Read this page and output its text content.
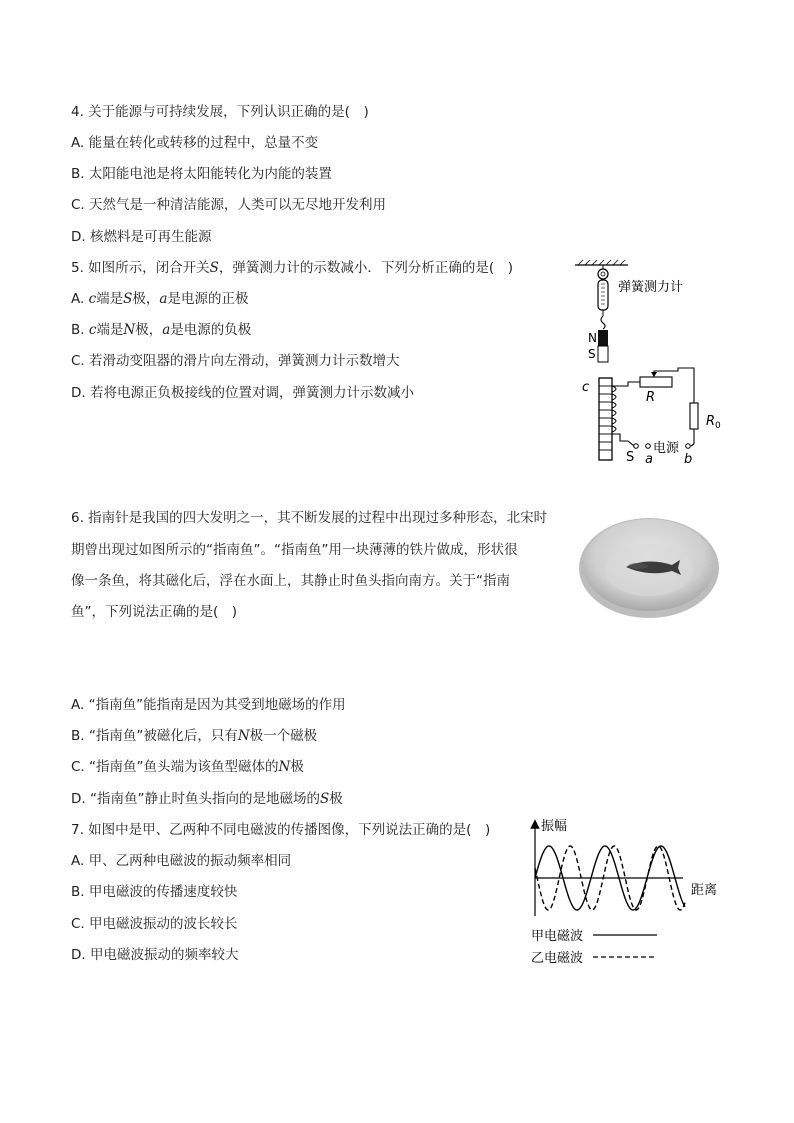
4. 关于能源与可持续发展，下列认识正确的是(　)
A. 能量在转化或转移的过程中，总量不变
B. 太阳能电池是将太阳能转化为内能的装置
C. 天然气是一种清洁能源，人类可以无尽地开发利用
D. 核燃料是可再生能源
5. 如图所示，闭合开关S，弹簧测力计的示数减小．下列分析正确的是(　)
A. c端是S极，a是电源的正极
B. c端是N极，a是电源的负极
C. 若滑动变阻器的滑片向左滑动，弹簧测力计示数增大
D. 若将电源正负极接线的位置对调，弹簧测力计示数减小
弹簧测力计
N
S
c
R
$R_0$
S a
电源
b
6. 指南针是我国的四大发明之一，其不断发展的过程中出现过多种形态，北宋时
期曾出现过如图所示的“指南鱼”。“指南鱼”用一块薄薄的铁片做成，形状很
像一条鱼，将其磁化后，浮在水面上，其静止时鱼头指向南方。关于“指南
鱼”，下列说法正确的是(　)
A. “指南鱼”能指南是因为其受到地磁场的作用
B. “指南鱼”被磁化后，只有N极一个磁极
C. “指南鱼”鱼头端为该鱼型磁体的N极
D. “指南鱼”静止时鱼头指向的是地磁场的S极
7. 如图中是甲、乙两种不同电磁波的传播图像，下列说法正确的是(　)
A. 甲、乙两种电磁波的振动频率相同
B. 甲电磁波的传播速度较快
C. 甲电磁波振动的波长较长
D. 甲电磁波振动的频率较大
振幅
距离
甲电磁波
乙电磁波
